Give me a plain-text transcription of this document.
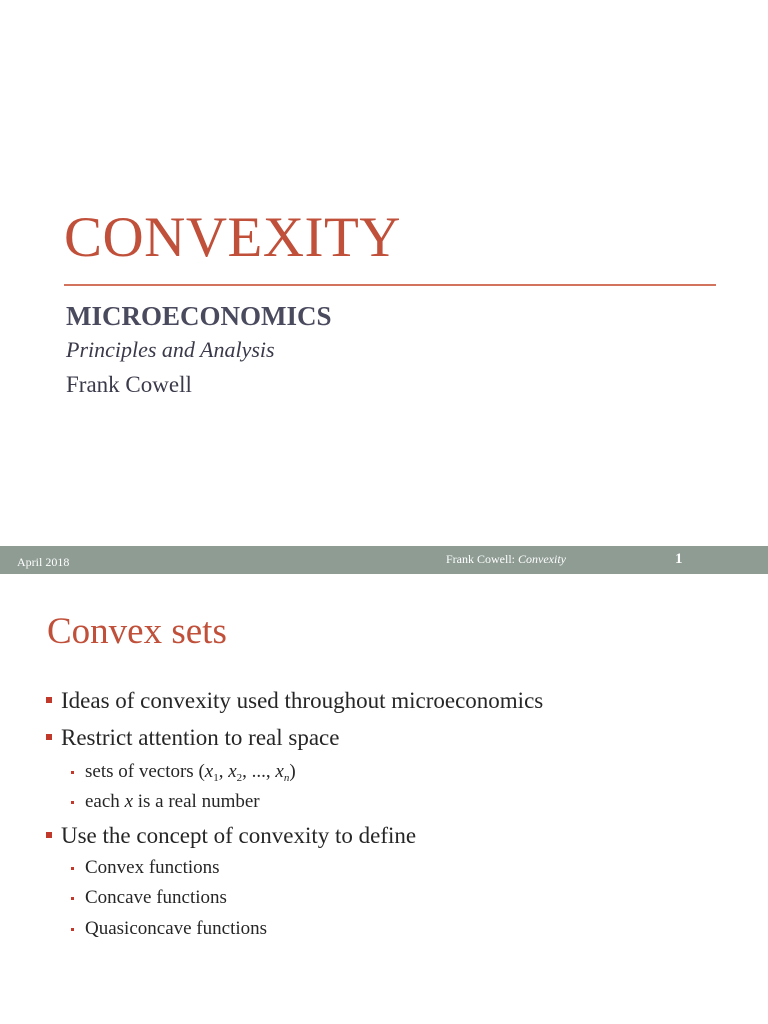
CONVEXITY
MICROECONOMICS
Principles and Analysis
Frank Cowell
April 2018	Frank Cowell: Convexity	1
Convex sets
Ideas of convexity used throughout microeconomics
Restrict attention to real space
sets of vectors ($x_1$, $x_2$, ..., $x_n$)
each x is a real number
Use the concept of convexity to define
Convex functions
Concave functions
Quasiconcave functions
